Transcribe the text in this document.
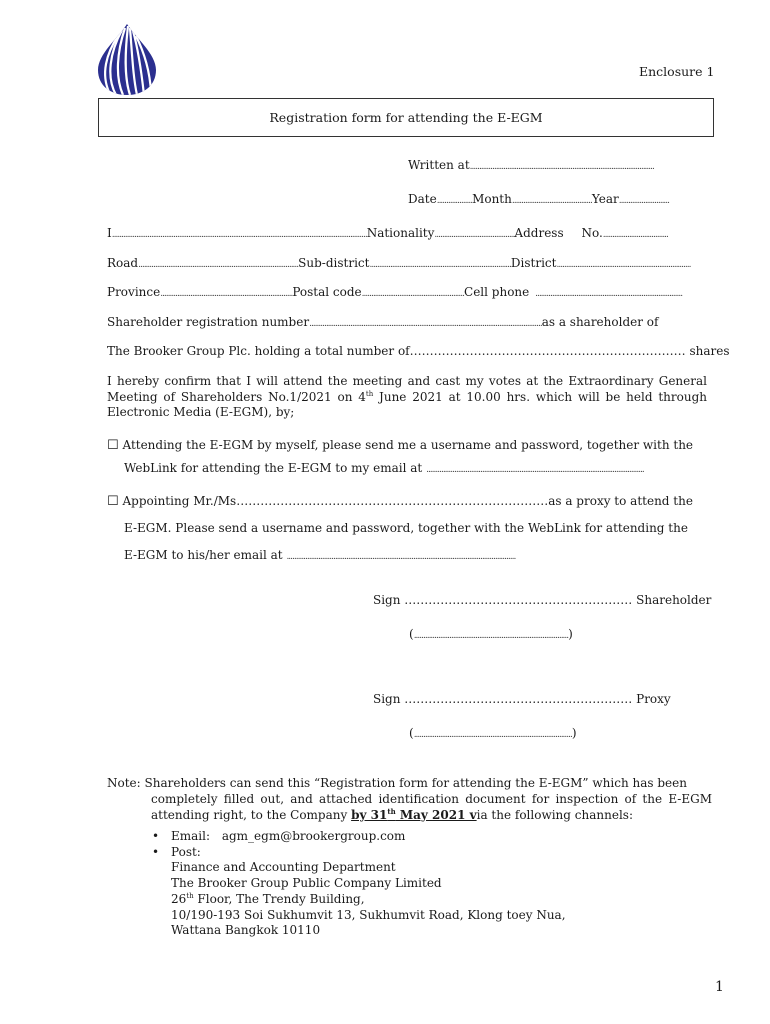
Enclosure 1
Registration form for attending the E-EGM
Written at...................................................................................................
Date...................Month...........................................Year...........................
I.........................................................................................................................................Nationality...........................................Address No....................................
Road......................................................................................Sub-district............................................................................District........................................................................
Province.......................................................................Postal code.......................................................Cell phone ...............................................................................
Shareholder registration number.............................................................................................................................as a shareholder of
The Brooker Group Plc. holding a total number of…………………………………………………………… shares
I hereby confirm that I will attend the meeting and cast my votes at the Extraordinary General Meeting of Shareholders No.1/2021 on 4th June 2021 at 10.00 hrs. which will be held through Electronic Media (E-EGM), by;
☐ Attending the E-EGM by myself, please send me a username and password, together with the
WebLink for attending the E-EGM to my email at .....................................................................................................................
☐ Appointing Mr./Ms……………………………………………………………………as a proxy to attend the
E-EGM. Please send a username and password, together with the WebLink for attending the
E-EGM to his/her email at ...........................................................................................................................
Sign ………………………………………………… Shareholder
(...................................................................................)
Sign ………………………………………………… Proxy
(.....................................................................................)
Note: Shareholders can send this “Registration form for attending the E-EGM” which has been
completely filled out, and attached identification document for inspection of the E-EGM attending right, to the Company by 31th May 2021 via the following channels:
• Email: agm_egm@brookergroup.com
• Post:
Finance and Accounting Department
The Brooker Group Public Company Limited
26th Floor, The Trendy Building,
10/190-193 Soi Sukhumvit 13, Sukhumvit Road, Klong toey Nua,
Wattana Bangkok 10110
1
